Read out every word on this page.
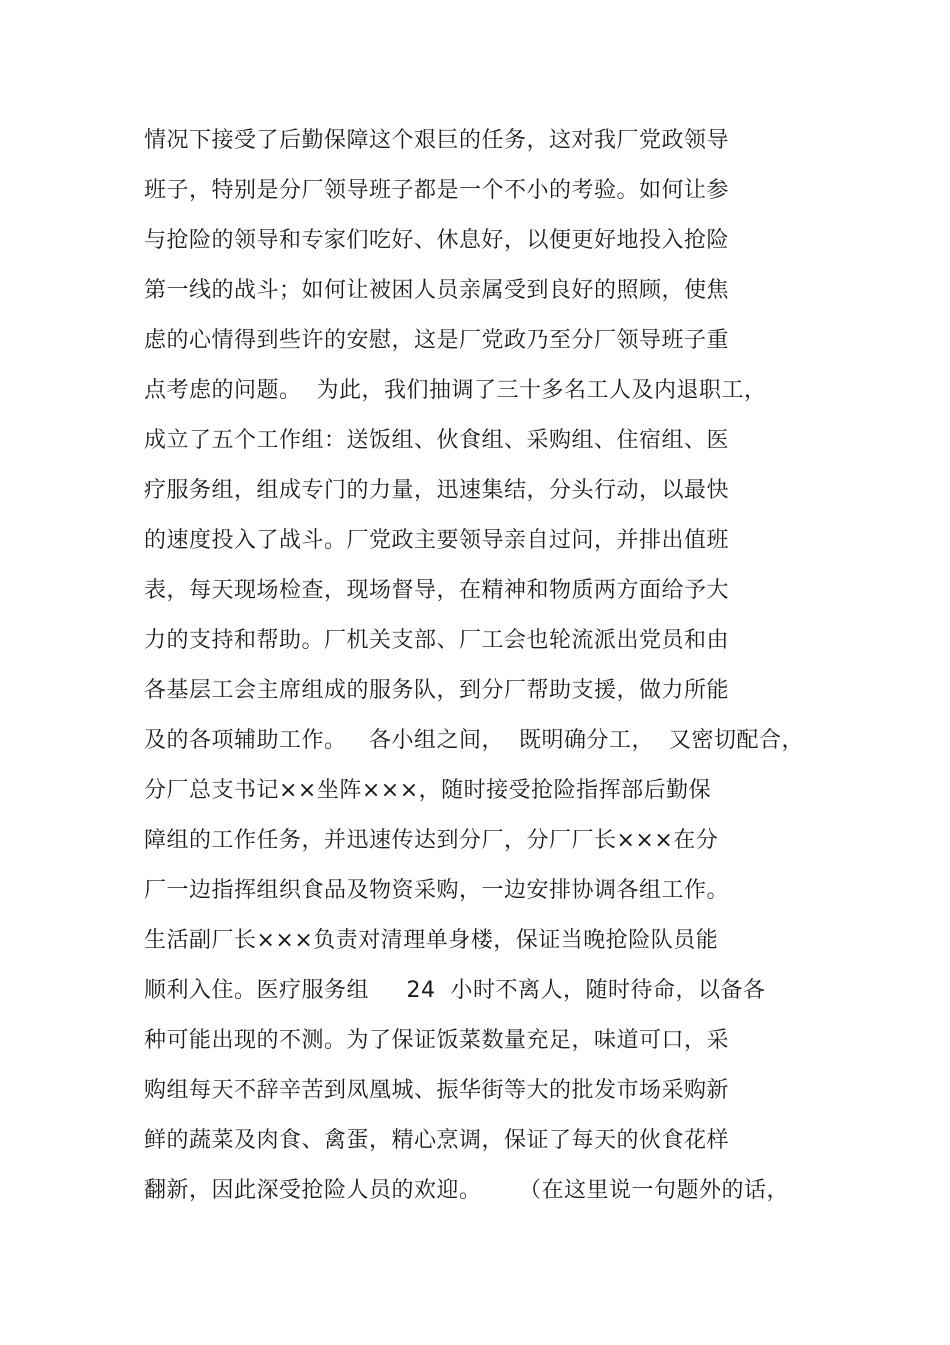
情况下接受了后勤保障这个艰巨的任务，这对我厂党政领导
班子，特别是分厂领导班子都是一个不小的考验。如何让参
与抢险的领导和专家们吃好、休息好，以便更好地投入抢险
第一线的战斗；如何让被困人员亲属受到良好的照顾，使焦
虑的心情得到些许的安慰，这是厂党政乃至分厂领导班子重
点考虑的问题。  为此，我们抽调了三十多名工人及内退职工，
成立了五个工作组：送饭组、伙食组、采购组、住宿组、医
疗服务组，组成专门的力量，迅速集结，分头行动，以最快
的速度投入了战斗。厂党政主要领导亲自过问，并排出值班
表，每天现场检查，现场督导，在精神和物质两方面给予大
力的支持和帮助。厂机关支部、厂工会也轮流派出党员和由
各基层工会主席组成的服务队，到分厂帮助支援，做力所能
及的各项辅助工作。   各小组之间，  既明确分工，  又密切配合，
分厂总支书记××坐阵×××，随时接受抢险指挥部后勤保
障组的工作任务，并迅速传达到分厂，分厂厂长×××在分
厂一边指挥组织食品及物资采购，一边安排协调各组工作。
生活副厂长×××负责对清理单身楼，保证当晚抢险队员能
顺利入住。医疗服务组     24  小时不离人，随时待命，以备各
种可能出现的不测。为了保证饭菜数量充足，味道可口，采
购组每天不辞辛苦到凤凰城、振华街等大的批发市场采购新
鲜的蔬菜及肉食、禽蛋，精心烹调，保证了每天的伙食花样
翻新，因此深受抢险人员的欢迎。     （在这里说一句题外的话，
